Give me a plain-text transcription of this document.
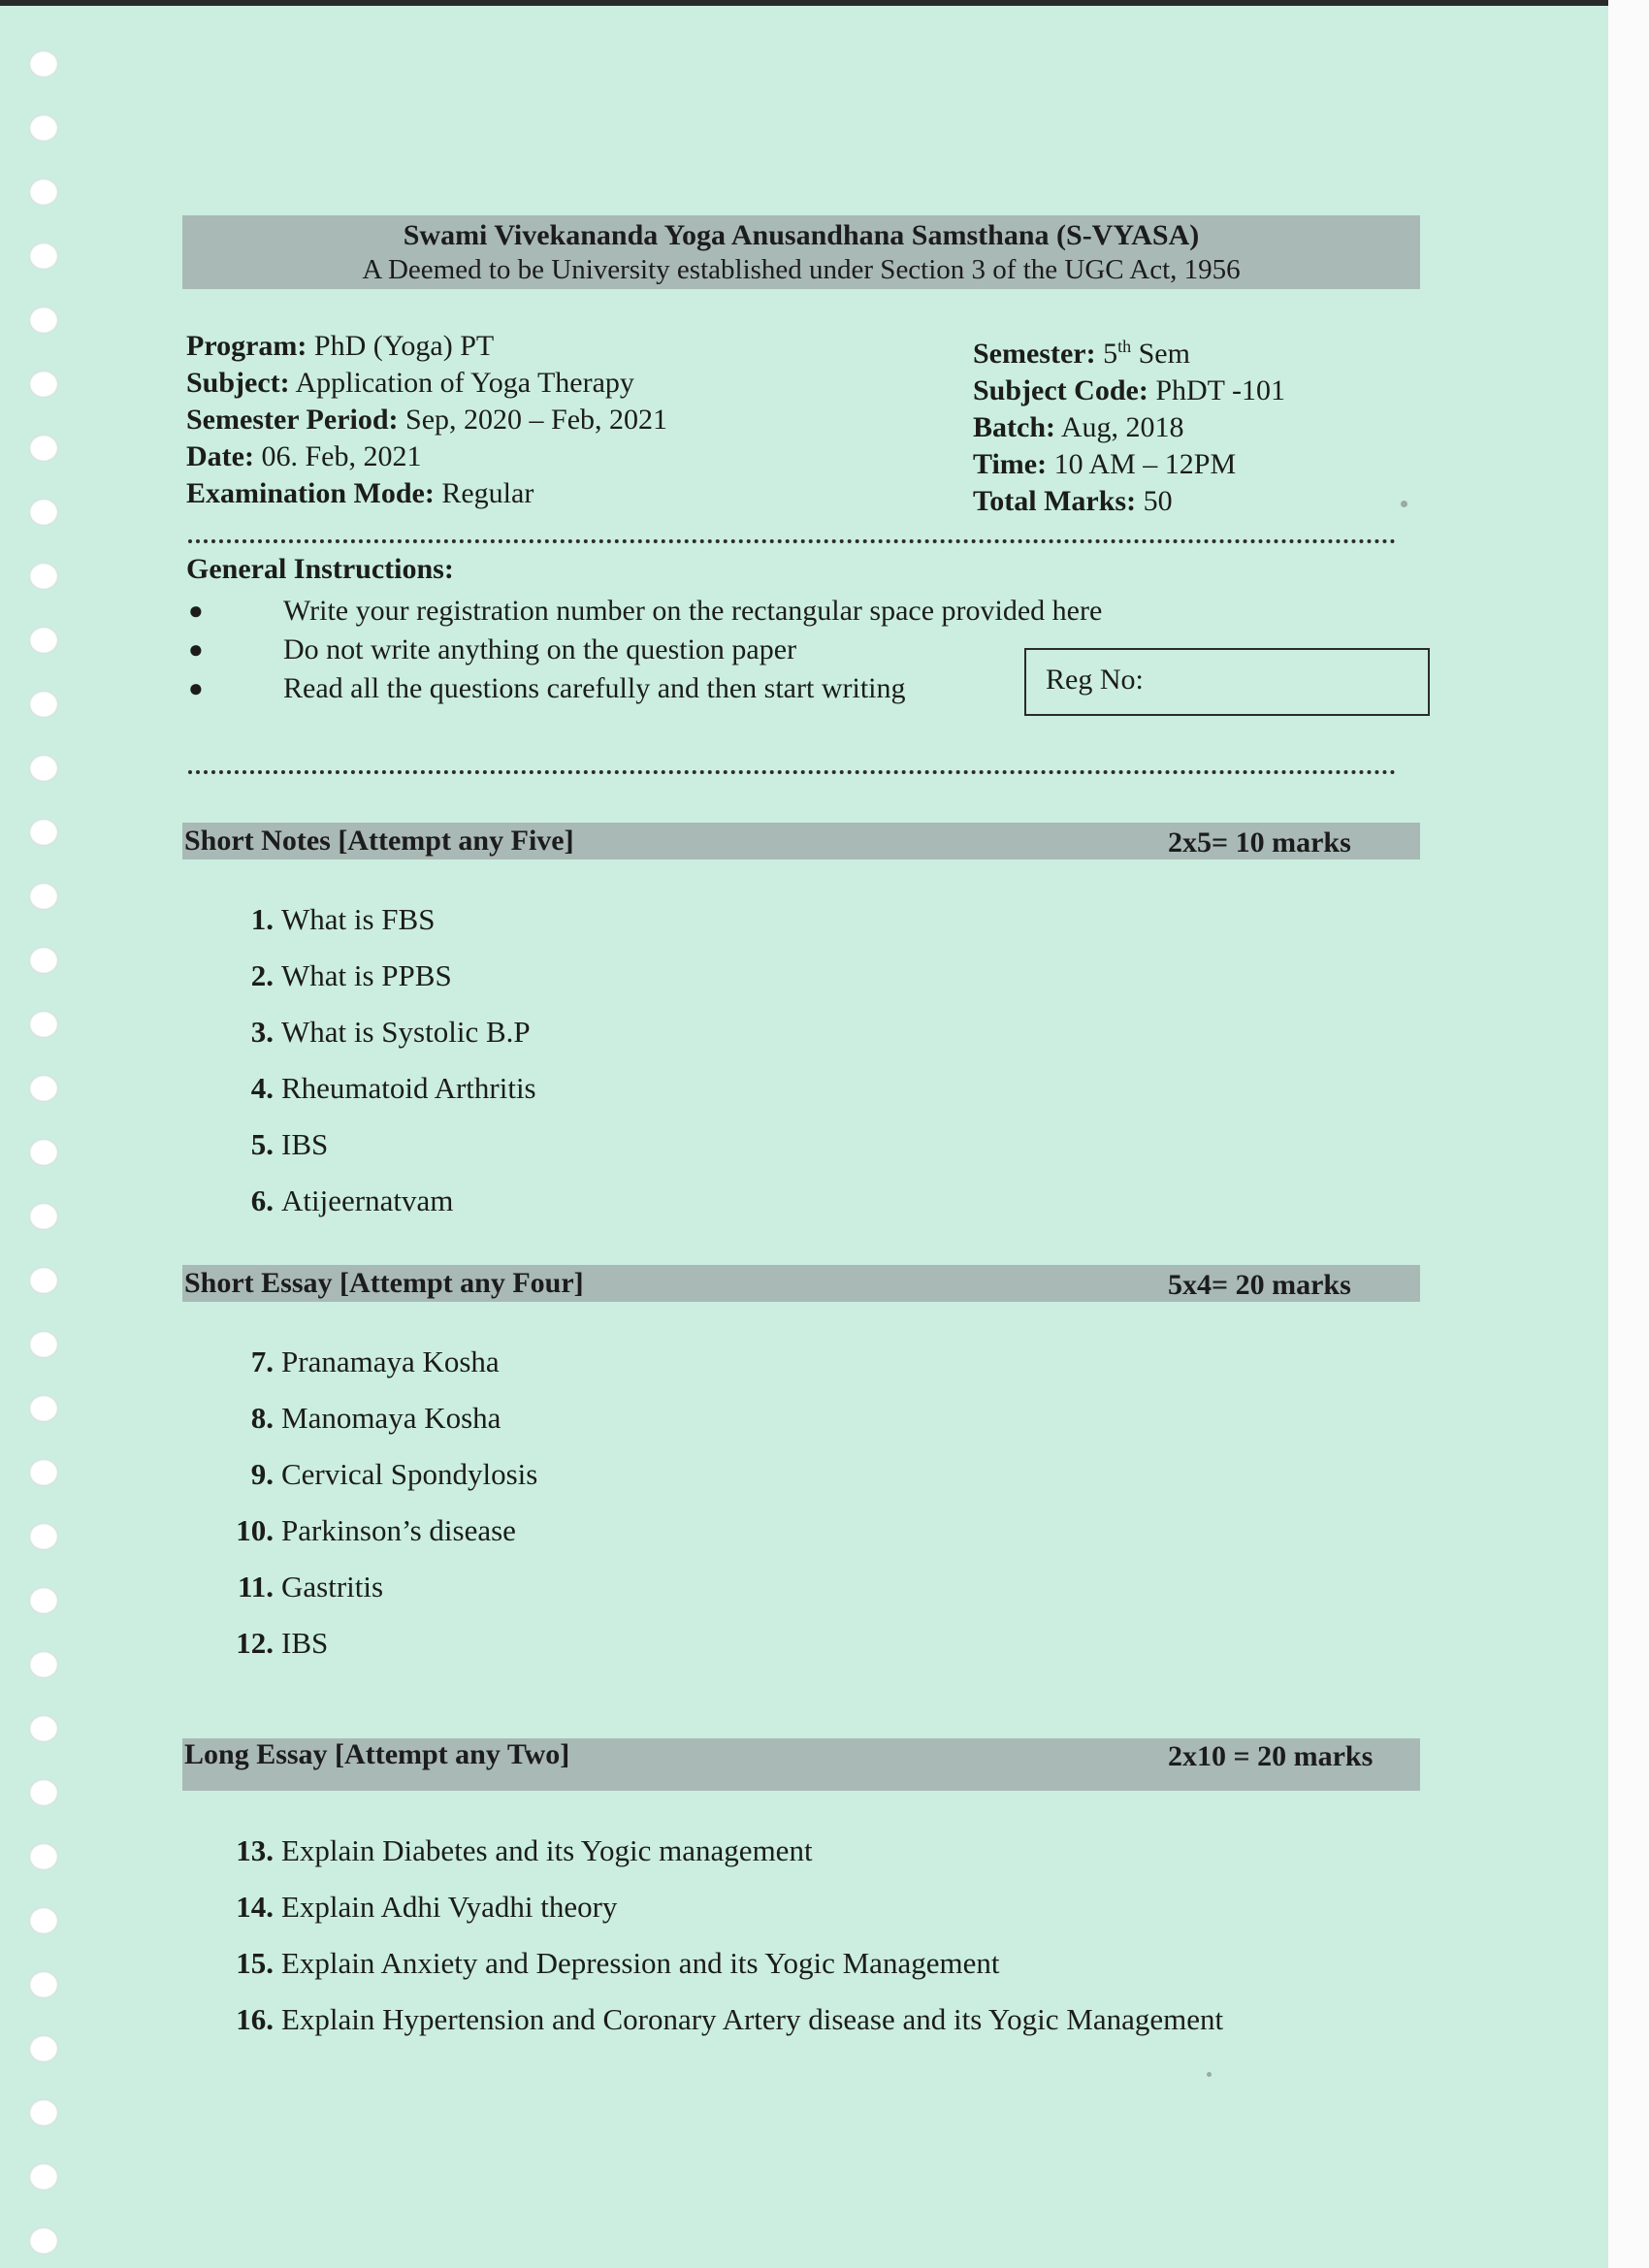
Swami Vivekananda Yoga Anusandhana Samsthana (S-VYASA)
A Deemed to be University established under Section 3 of the UGC Act, 1956
Program: PhD (Yoga) PT
Subject: Application of Yoga Therapy
Semester Period: Sep, 2020 – Feb, 2021
Date: 06. Feb, 2021
Examination Mode: Regular
Semester: 5th Sem
Subject Code: PhDT -101
Batch: Aug, 2018
Time: 10 AM – 12PM
Total Marks: 50
General Instructions:
●	Write your registration number on the rectangular space provided here
●	Do not write anything on the question paper
●	Read all the questions carefully and then start writing	Reg No:
Short Notes [Attempt any Five]	2x5= 10 marks
1. What is FBS
2. What is PPBS
3. What is Systolic B.P
4. Rheumatoid Arthritis
5. IBS
6. Atijeernatvam
Short Essay [Attempt any Four]	5x4= 20 marks
7. Pranamaya Kosha
8. Manomaya Kosha
9. Cervical Spondylosis
10. Parkinson’s disease
11. Gastritis
12. IBS
Long Essay [Attempt any Two]	2x10 = 20 marks
13. Explain Diabetes and its Yogic management
14. Explain Adhi Vyadhi theory
15. Explain Anxiety and Depression and its Yogic Management
16. Explain Hypertension and Coronary Artery disease and its Yogic Management
